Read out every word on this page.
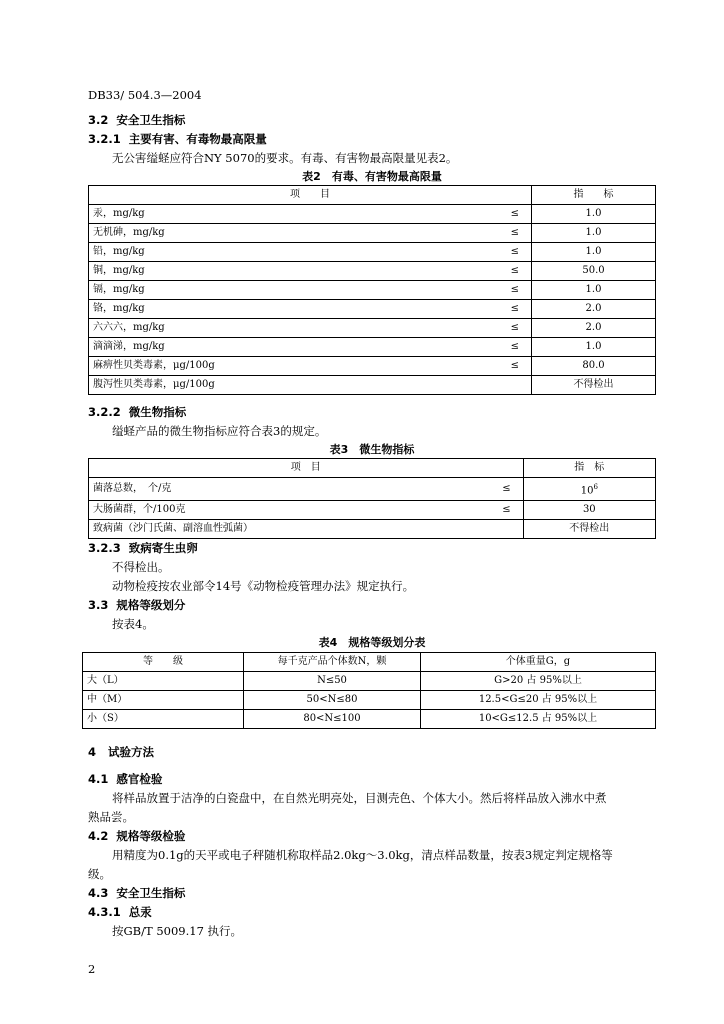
DB33/ 504.3—2004
3.2 安全卫生指标
3.2.1 主要有害、有毒物最高限量
无公害缢蛏应符合NY 5070的要求。有毒、有害物最高限量见表2。
表2　有毒、有害物最高限量
项　　目		指　　标
汞，mg/kg	≤	1.0
无机砷，mg/kg	≤	1.0
铅，mg/kg	≤	1.0
铜，mg/kg	≤	50.0
镉，mg/kg	≤	1.0
铬，mg/kg	≤	2.0
六六六，mg/kg	≤	2.0
滴滴涕，mg/kg	≤	1.0
麻痹性贝类毒素，μg/100g	≤	80.0
腹泻性贝类毒素，μg/100g		不得检出
3.2.2 微生物指标
缢蛏产品的微生物指标应符合表3的规定。
表3　微生物指标
项　目		指　标
菌落总数，　个/克	≤	$10^6$
大肠菌群，个/100克	≤	30
致病菌（沙门氏菌、副溶血性弧菌）		不得检出
3.2.3 致病寄生虫卵
不得检出。
动物检疫按农业部令14号《动物检疫管理办法》规定执行。
3.3 规格等级划分
按表4。
表4　规格等级划分表
等　　级	每千克产品个体数N，颗	个体重量G，g
大（L）	N≤50	G>20 占 95%以上
中（M）	50<N≤80	12.5<G≤20 占 95%以上
小（S）	80<N≤100	10<G≤12.5 占 95%以上
4 试验方法
4.1 感官检验
将样品放置于洁净的白瓷盘中，在自然光明亮处，目测壳色、个体大小。然后将样品放入沸水中煮
熟品尝。
4.2 规格等级检验
用精度为0.1g的天平或电子秤随机称取样品2.0kg～3.0kg，清点样品数量，按表3规定判定规格等
级。
4.3 安全卫生指标
4.3.1 总汞
按GB/T 5009.17 执行。
2
